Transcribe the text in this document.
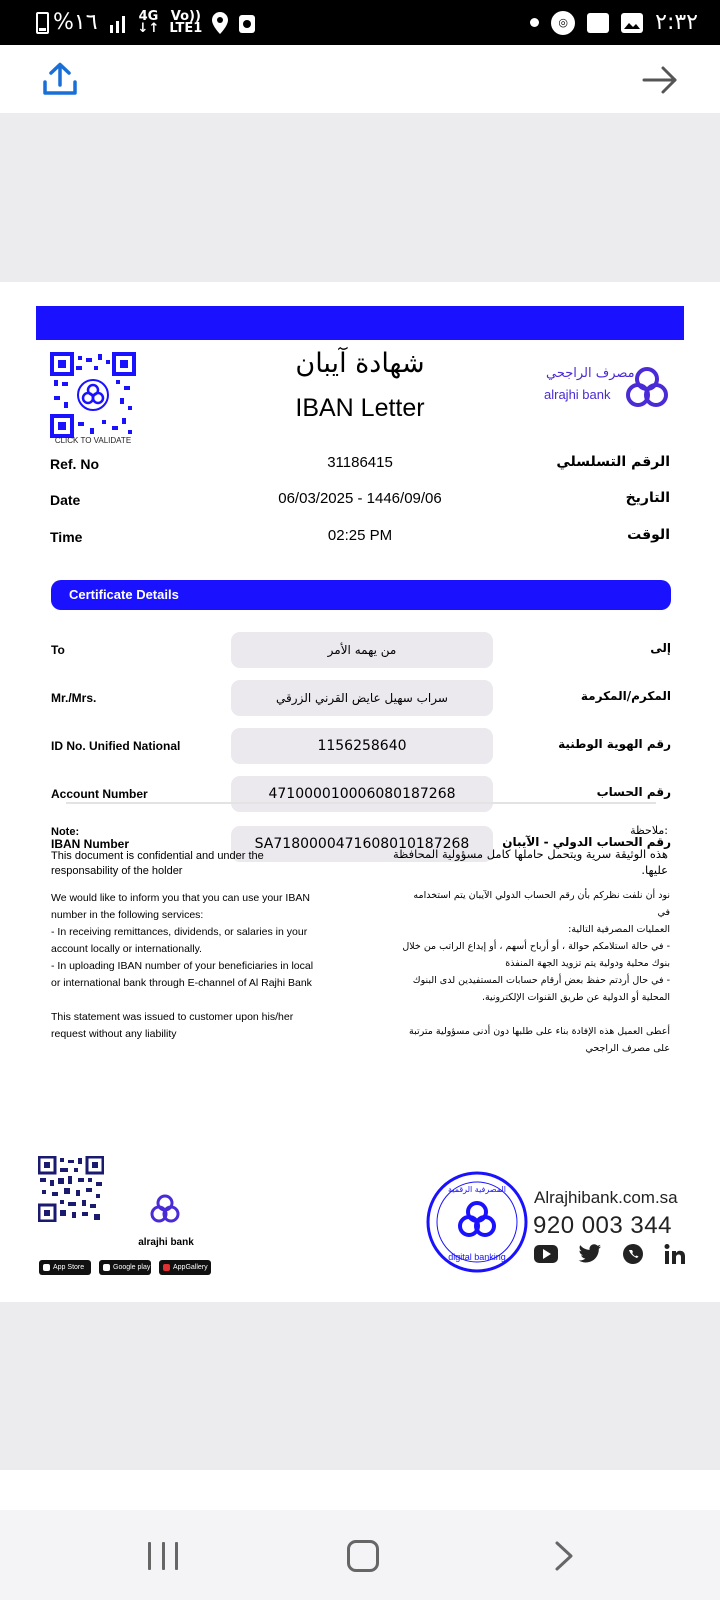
%١٦	4G
↓↑
Vo))
LTE1	◎	٢:٣٢
CLICK TO VALIDATE
شهادة آيبان
IBAN Letter
مصرف الراجحي
alrajhi bank
Ref. No	31186415	الرقم التسلسلي
Date	06/03/2025 - 1446/09/06	التاريخ
Time	02:25 PM	الوقت
Certificate Details
To	من يهمه الأمر	إلى
Mr./Mrs.	سراب سهيل عايض القرني الزرقي	المكرم/المكرمة
ID No. Unified National	1156258640	رقم الهوية الوطنية
Account Number	471000010006080187268	رقم الحساب
IBAN Number	SA7180000471608010187268	رقم الحساب الدولي - الآيبان

We would like to inform you that you can use your IBAN

number in the following services:

- In receiving remittances, dividends, or salaries in your

account locally or internationally.

- In uploading IBAN number of your beneficiaries in local

or international bank through E-channel of Al Rajhi Bank

This statement was issued to customer upon his/her

request without any liability

نود أن نلفت نظركم بأن رقم الحساب الدولي الآيبان يتم استخدامه في

العمليات المصرفية التالية:

- في حالة استلامكم حوالة ، أو أرباح أسهم ، أو إيداع الراتب من خلال

بنوك محلية ودولية يتم تزويد الجهة المنفذة

- في حال أردتم حفظ بعض أرقام حسابات المستفيدين لدى البنوك

المحلية أو الدولية عن طريق القنوات الإلكترونية.

أعطى العميل هذه الإفادة بناء على طلبها دون أدنى مسؤولية مترتبة

على مصرف الراجحي

Note:
This document is confidential and under the responsability of the holder
ملاحظة:
هذه الوثيقة سرية ويتحمل حاملها كامل مسؤولية المحافظة عليها.
alrajhi bank
App Store	Google play	AppGallery
المصرفية الرقمية
digital banking
Alrajhibank.com.sa
920 003 344
